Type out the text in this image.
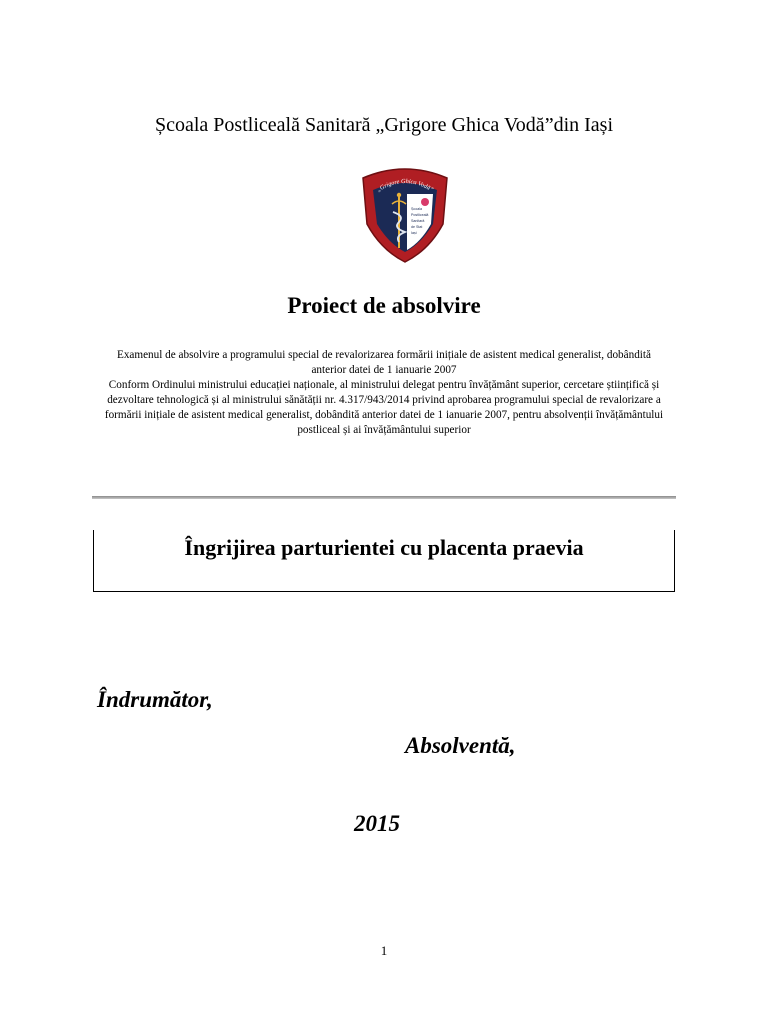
Școala Postliceală Sanitară „Grigore Ghica Vodă”din Iași
„Grigore Ghica Vodă”
Școala
Postliceală
Sanitară
de Stat
Iași
Proiect de absolvire

Examenul de absolvire a programului special de revalorizarea formării inițiale de asistent medical generalist, dobândită anterior datei de 1 ianuarie 2007

Conform Ordinului ministrului educației naționale, al ministrului delegat pentru învățământ superior, cercetare științifică și dezvoltare tehnologică și al ministrului sănătății nr. 4.317/943/2014 privind aprobarea programului special de revalorizare a formării inițiale de asistent medical generalist, dobândită anterior datei de 1 ianuarie 2007, pentru absolvenții învățământului postliceal și ai învățământului superior

Îngrijirea parturientei cu placenta praevia
Îndrumător,
Absolventă,
2015
1
